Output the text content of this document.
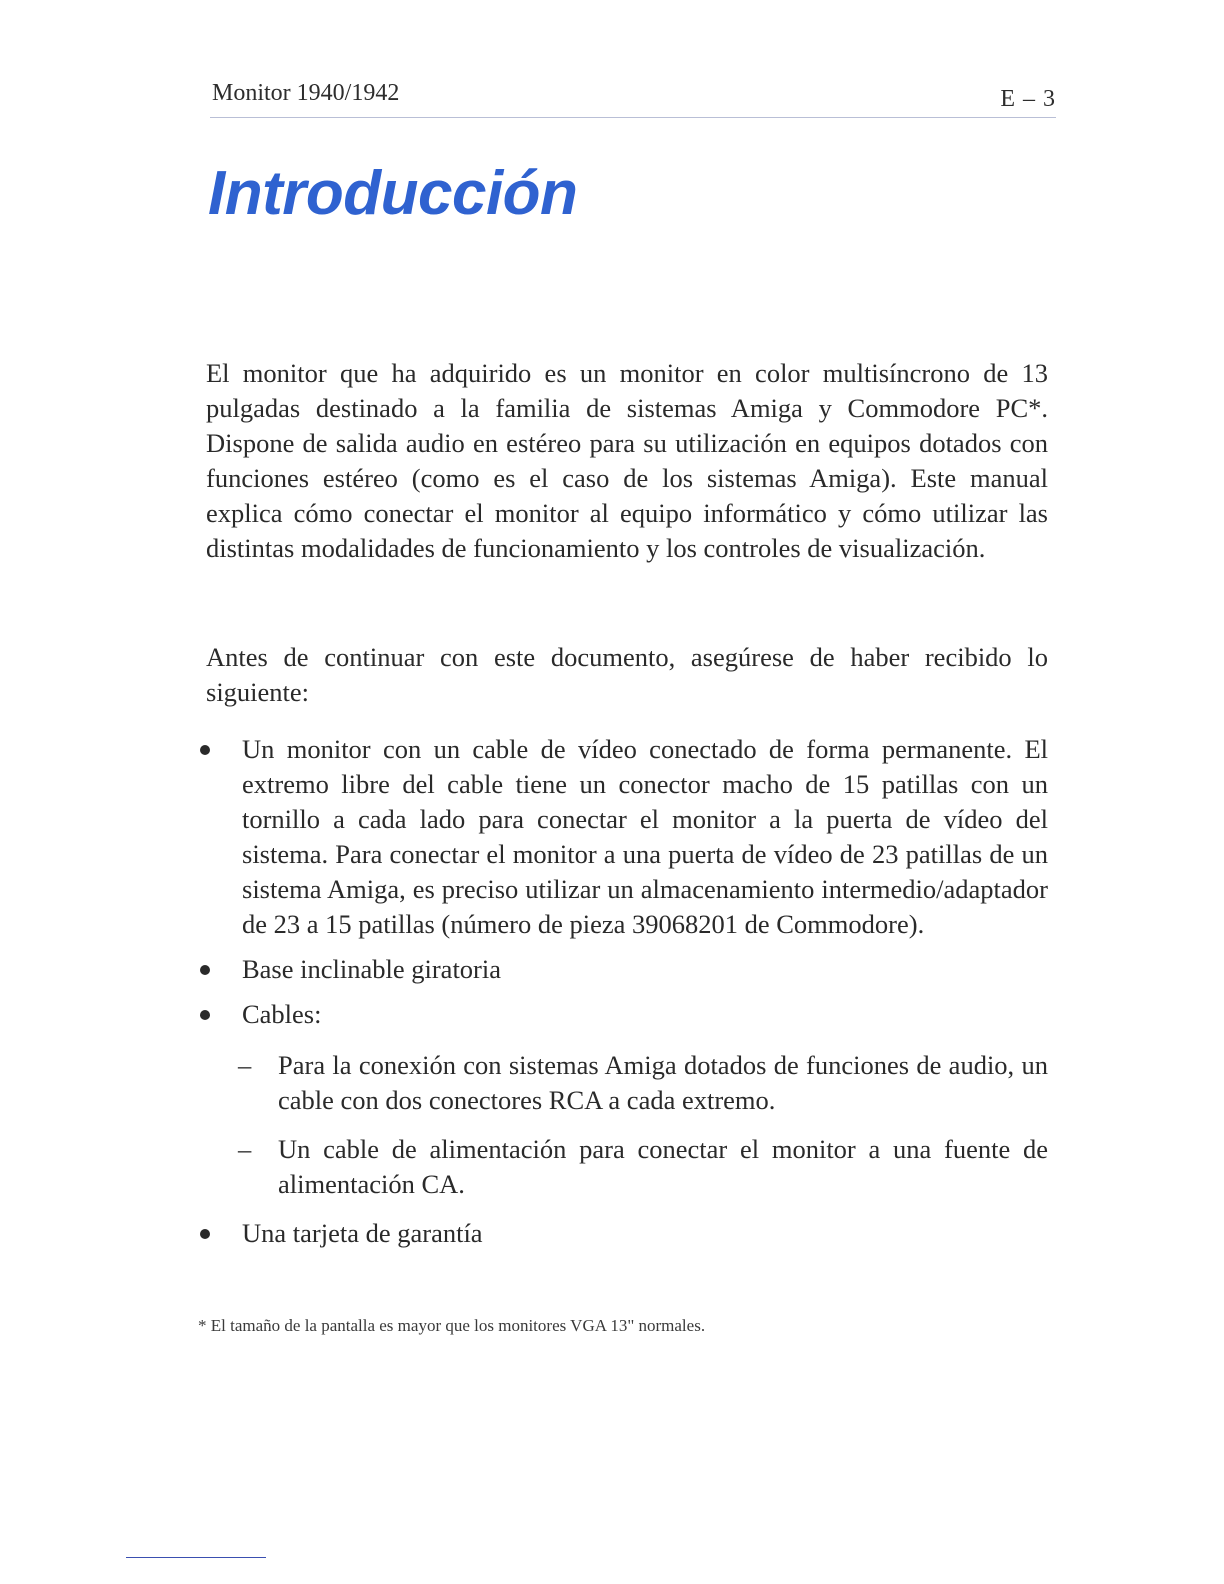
Monitor 1940/1942	E – 3
Introducción

El monitor que ha adquirido es un monitor en color multisíncrono de 13 pulgadas destinado a la familia de sistemas Amiga y Commodore PC*. Dispone de salida audio en estéreo para su utilización en equipos dotados con funciones estéreo (como es el caso de los sistemas Amiga). Este manual explica cómo conectar el monitor al equipo informático y cómo utilizar las distintas modalidades de funcionamiento y los controles de visualización.

Antes de continuar con este documento, asegúrese de haber recibido lo siguiente:

Un monitor con un cable de vídeo conectado de forma permanente. El extremo libre del cable tiene un conector macho de 15 patillas con un tornillo a cada lado para conectar el monitor a la puerta de vídeo del sistema. Para conectar el monitor a una puerta de vídeo de 23 patillas de un sistema Amiga, es preciso utilizar un almacenamiento intermedio/adaptador de 23 a 15 patillas (número de pieza 39068201 de Commodore).
Base inclinable giratoria
Cables:
– Para la conexión con sistemas Amiga dotados de funciones de audio, un cable con dos conectores RCA a cada extremo.
– Un cable de alimentación para conectar el monitor a una fuente de alimentación CA.
Una tarjeta de garantía
* El tamaño de la pantalla es mayor que los monitores VGA 13" normales.
